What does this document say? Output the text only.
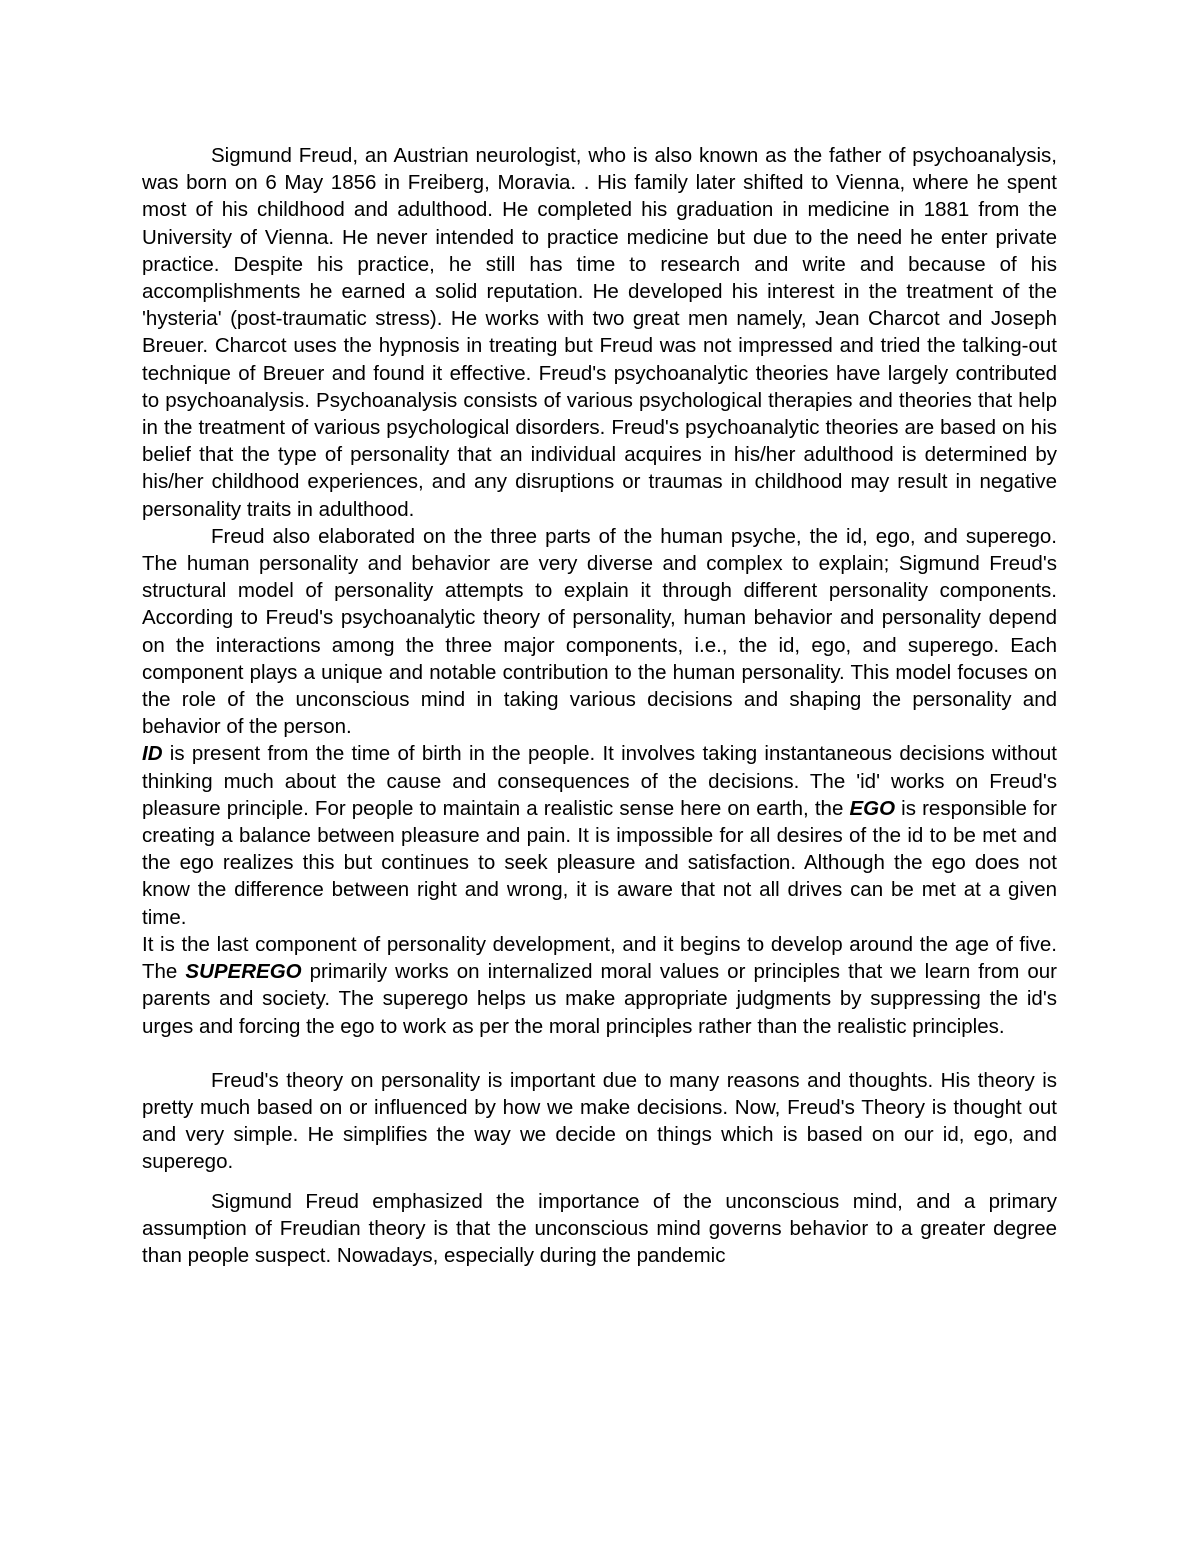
Sigmund Freud, an Austrian neurologist, who is also known as the father of psychoanalysis, was born on 6 May 1856 in Freiberg, Moravia. . His family later shifted to Vienna, where he spent most of his childhood and adulthood. He completed his graduation in medicine in 1881 from the University of Vienna. He never intended to practice medicine but due to the need he enter private practice. Despite his practice, he still has time to research and write and because of his accomplishments he earned a solid reputation. He developed his interest in the treatment of the 'hysteria' (post-traumatic stress). He works with two great men namely, Jean Charcot and Joseph Breuer. Charcot uses the hypnosis in treating but Freud was not impressed and tried the talking-out technique of Breuer and found it effective. Freud's psychoanalytic theories have largely contributed to psychoanalysis. Psychoanalysis consists of various psychological therapies and theories that help in the treatment of various psychological disorders. Freud's psychoanalytic theories are based on his belief that the type of personality that an individual acquires in his/her adulthood is determined by his/her childhood experiences, and any disruptions or traumas in childhood may result in negative personality traits in adulthood.

Freud also elaborated on the three parts of the human psyche, the id, ego, and superego. The human personality and behavior are very diverse and complex to explain; Sigmund Freud's structural model of personality attempts to explain it through different personality components. According to Freud's psychoanalytic theory of personality, human behavior and personality depend on the interactions among the three major components, i.e., the id, ego, and superego. Each component plays a unique and notable contribution to the human personality. This model focuses on the role of the unconscious mind in taking various decisions and shaping the personality and behavior of the person.

ID is present from the time of birth in the people. It involves taking instantaneous decisions without thinking much about the cause and consequences of the decisions. The 'id' works on Freud's pleasure principle. For people to maintain a realistic sense here on earth, the EGO is responsible for creating a balance between pleasure and pain. It is impossible for all desires of the id to be met and the ego realizes this but continues to seek pleasure and satisfaction. Although the ego does not know the difference between right and wrong, it is aware that not all drives can be met at a given time.

It is the last component of personality development, and it begins to develop around the age of five. The SUPEREGO primarily works on internalized moral values or principles that we learn from our parents and society. The superego helps us make appropriate judgments by suppressing the id's urges and forcing the ego to work as per the moral principles rather than the realistic principles.

Freud's theory on personality is important due to many reasons and thoughts. His theory is pretty much based on or influenced by how we make decisions. Now, Freud's Theory is thought out and very simple. He simplifies the way we decide on things which is based on our id, ego, and superego.

Sigmund Freud emphasized the importance of the unconscious mind, and a primary assumption of Freudian theory is that the unconscious mind governs behavior to a greater degree than people suspect. Nowadays, especially during the pandemic
